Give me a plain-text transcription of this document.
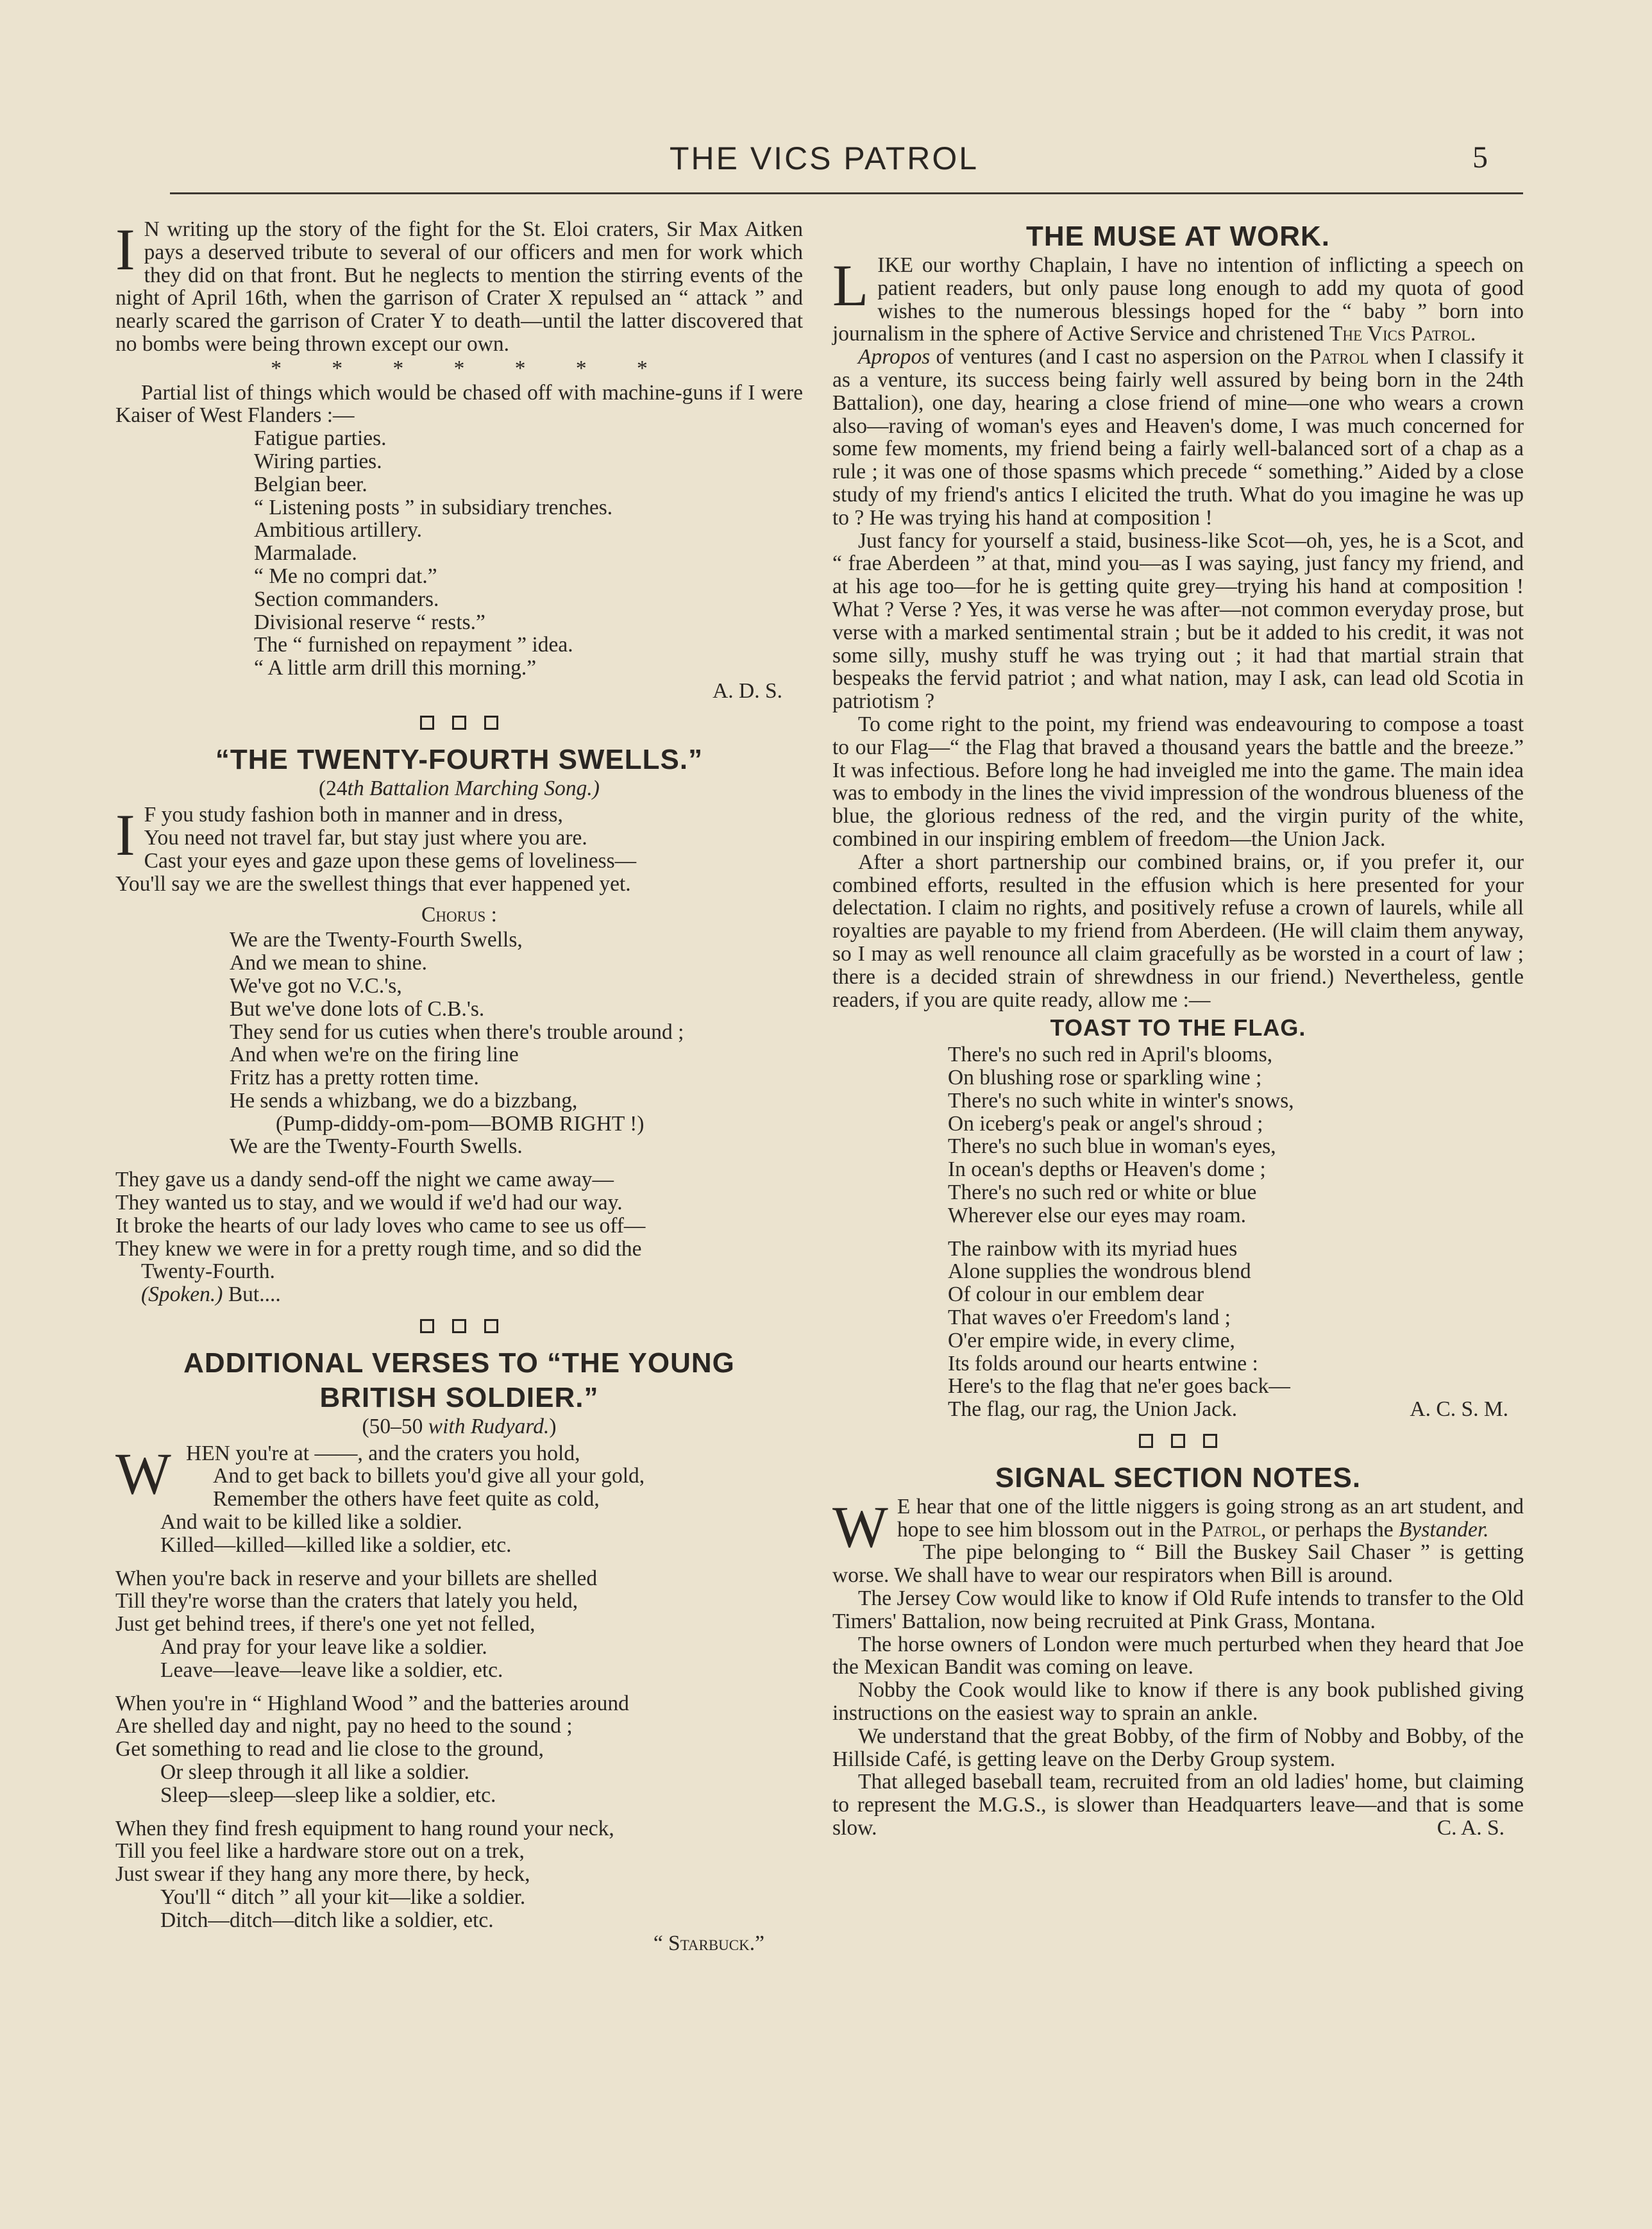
THE VICS PATROL	5

I N writing up the story of the fight for the St. Eloi craters, Sir Max Aitken pays a deserved tribute to several of our officers and men for work which they did on that front. But he neglects to mention the stirring events of the night of April 16th, when the garrison of Crater X repulsed an “ attack ” and nearly scared the garrison of Crater Y to death—until the latter discovered that no bombs were being thrown except our own.

* * * * * * *

Partial list of things which would be chased off with machine-guns if I were Kaiser of West Flanders :—

Fatigue parties.
Wiring parties.
Belgian beer.
“ Listening posts ” in subsidiary trenches.
Ambitious artillery.
Marmalade.
“ Me no compri dat.”
Section commanders.
Divisional reserve “ rests.”
The “ furnished on repayment ” idea.
“ A little arm drill this morning.”
A. D. S.
“THE TWENTY-FOURTH SWELLS.”
(24th Battalion Marching Song.)
I F you study fashion both in manner and in dress,
You need not travel far, but stay just where you are.
Cast your eyes and gaze upon these gems of loveliness—
You'll say we are the swellest things that ever happened yet.
Chorus :
We are the Twenty-Fourth Swells,
And we mean to shine.
We've got no V.C.'s,
But we've done lots of C.B.'s.
They send for us cuties when there's trouble around ;
And when we're on the firing line
Fritz has a pretty rotten time.
He sends a whizbang, we do a bizzbang,
(Pump-diddy-om-pom—BOMB RIGHT !)
We are the Twenty-Fourth Swells.
They gave us a dandy send-off the night we came away—
They wanted us to stay, and we would if we'd had our way.
It broke the hearts of our lady loves who came to see us off—
They knew we were in for a pretty rough time, and so did the
Twenty-Fourth.
(Spoken.) But....
ADDITIONAL VERSES TO “THE YOUNG
BRITISH SOLDIER.”
(50–50 with Rudyard.)
W HEN you're at ——, and the craters you hold,
And to get back to billets you'd give all your gold,
Remember the others have feet quite as cold,
And wait to be killed like a soldier.
Killed—killed—killed like a soldier, etc.
When you're back in reserve and your billets are shelled
Till they're worse than the craters that lately you held,
Just get behind trees, if there's one yet not felled,
And pray for your leave like a soldier.
Leave—leave—leave like a soldier, etc.
When you're in “ Highland Wood ” and the batteries around
Are shelled day and night, pay no heed to the sound ;
Get something to read and lie close to the ground,
Or sleep through it all like a soldier.
Sleep—sleep—sleep like a soldier, etc.
When they find fresh equipment to hang round your neck,
Till you feel like a hardware store out on a trek,
Just swear if they hang any more there, by heck,
You'll “ ditch ” all your kit—like a soldier.
Ditch—ditch—ditch like a soldier, etc.
“ Starbuck.”
THE MUSE AT WORK.

LIKE our worthy Chaplain, I have no intention of inflicting a speech on patient readers, but only pause long enough to add my quota of good wishes to the numerous blessings hoped for the “ baby ” born into journalism in the sphere of Active Service and christened The Vics Patrol.

Apropos of ventures (and I cast no aspersion on the Patrol when I classify it as a venture, its success being fairly well assured by being born in the 24th Battalion), one day, hearing a close friend of mine—one who wears a crown also—raving of woman's eyes and Heaven's dome, I was much concerned for some few moments, my friend being a fairly well-balanced sort of a chap as a rule ; it was one of those spasms which precede “ something.” Aided by a close study of my friend's antics I elicited the truth. What do you imagine he was up to ? He was trying his hand at composition !

Just fancy for yourself a staid, business-like Scot—oh, yes, he is a Scot, and “ frae Aberdeen ” at that, mind you—as I was saying, just fancy my friend, and at his age too—for he is getting quite grey—trying his hand at composition ! What ? Verse ? Yes, it was verse he was after—not common everyday prose, but verse with a marked sentimental strain ; but be it added to his credit, it was not some silly, mushy stuff he was trying out ; it had that martial strain that bespeaks the fervid patriot ; and what nation, may I ask, can lead old Scotia in patriotism ?

To come right to the point, my friend was endeavouring to compose a toast to our Flag—“ the Flag that braved a thousand years the battle and the breeze.” It was infectious. Before long he had inveigled me into the game. The main idea was to embody in the lines the vivid impression of the wondrous blueness of the blue, the glorious redness of the red, and the virgin purity of the white, combined in our inspiring emblem of freedom—the Union Jack.

After a short partnership our combined brains, or, if you prefer it, our combined efforts, resulted in the effusion which is here presented for your delectation. I claim no rights, and positively refuse a crown of laurels, while all royalties are payable to my friend from Aberdeen. (He will claim them anyway, so I may as well renounce all claim gracefully as be worsted in a court of law ; there is a decided strain of shrewdness in our friend.) Nevertheless, gentle readers, if you are quite ready, allow me :—

TOAST TO THE FLAG.
There's no such red in April's blooms,
On blushing rose or sparkling wine ;
There's no such white in winter's snows,
On iceberg's peak or angel's shroud ;
There's no such blue in woman's eyes,
In ocean's depths or Heaven's dome ;
There's no such red or white or blue
Wherever else our eyes may roam.
The rainbow with its myriad hues
Alone supplies the wondrous blend
Of colour in our emblem dear
That waves o'er Freedom's land ;
O'er empire wide, in every clime,
Its folds around our hearts entwine :
Here's to the flag that ne'er goes back—
The flag, our rag, the Union Jack.	A. C. S. M.
SIGNAL SECTION NOTES.

W E hear that one of the little niggers is going strong as an art student, and hope to see him blossom out in the Patrol, or perhaps the Bystander.

The pipe belonging to “ Bill the Buskey Sail Chaser ” is getting worse. We shall have to wear our respirators when Bill is around.

The Jersey Cow would like to know if Old Rufe intends to transfer to the Old Timers' Battalion, now being recruited at Pink Grass, Montana.

The horse owners of London were much perturbed when they heard that Joe the Mexican Bandit was coming on leave.

Nobby the Cook would like to know if there is any book published giving instructions on the easiest way to sprain an ankle.

We understand that the great Bobby, of the firm of Nobby and Bobby, of the Hillside Café, is getting leave on the Derby Group system.

That alleged baseball team, recruited from an old ladies' home, but claiming to represent the M.G.S., is slower than Headquarters leave—and that is some slow.	C. A. S.
